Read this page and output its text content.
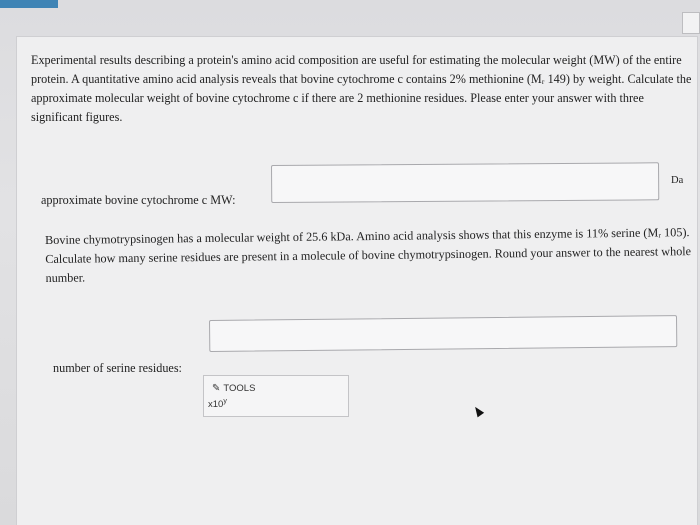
Experimental results describing a protein's amino acid composition are useful for estimating the molecular weight (MW) of the entire protein. A quantitative amino acid analysis reveals that bovine cytochrome c contains 2% methionine (Mᵣ 149) by weight. Calculate the approximate molecular weight of bovine cytochrome c if there are 2 methionine residues. Please enter your answer with three significant figures.

approximate bovine cytochrome c MW:
Da

Bovine chymotrypsinogen has a molecular weight of 25.6 kDa. Amino acid analysis shows that this enzyme is 11% serine (Mᵣ 105). Calculate how many serine residues are present in a molecule of bovine chymotrypsinogen. Round your answer to the nearest whole number.

number of serine residues:
✎ TOOLS
x10$^y$
